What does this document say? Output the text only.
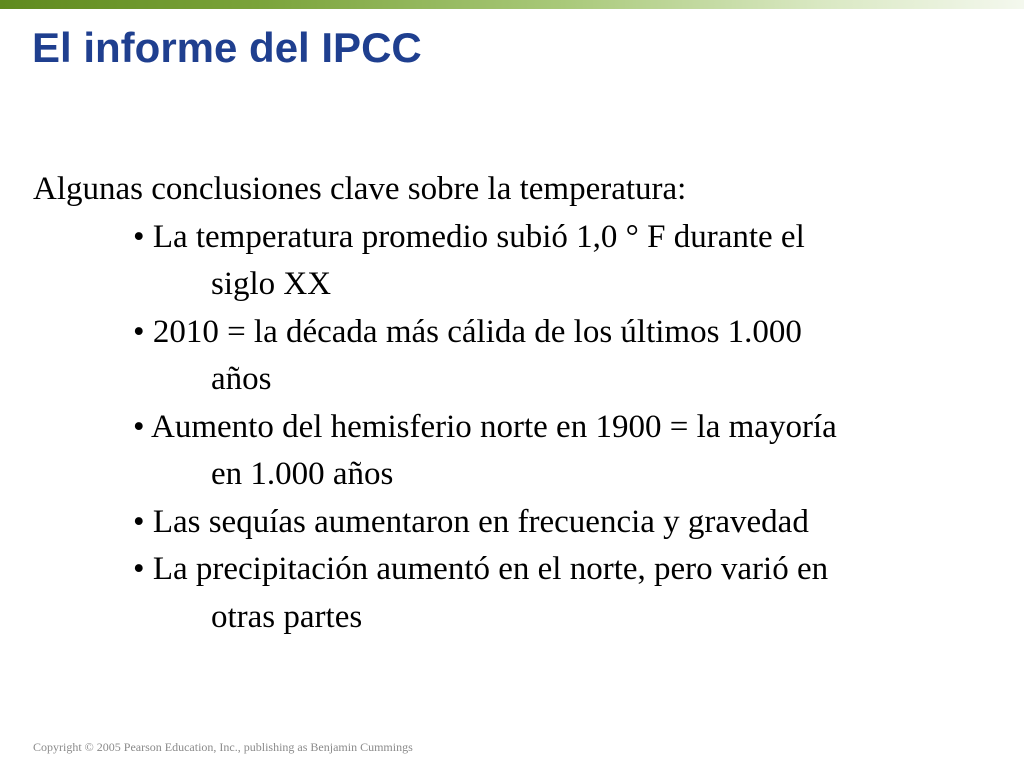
El informe del IPCC

Algunas conclusiones clave sobre la temperatura:

• La temperatura promedio subió 1,0 ° F durante el
siglo XX
• 2010 = la década más cálida de los últimos 1.000
años
• Aumento del hemisferio norte en 1900 = la mayoría
en 1.000 años
• Las sequías aumentaron en frecuencia y gravedad
• La precipitación aumentó en el norte, pero varió en
otras partes
Copyright © 2005 Pearson Education, Inc., publishing as Benjamin Cummings
